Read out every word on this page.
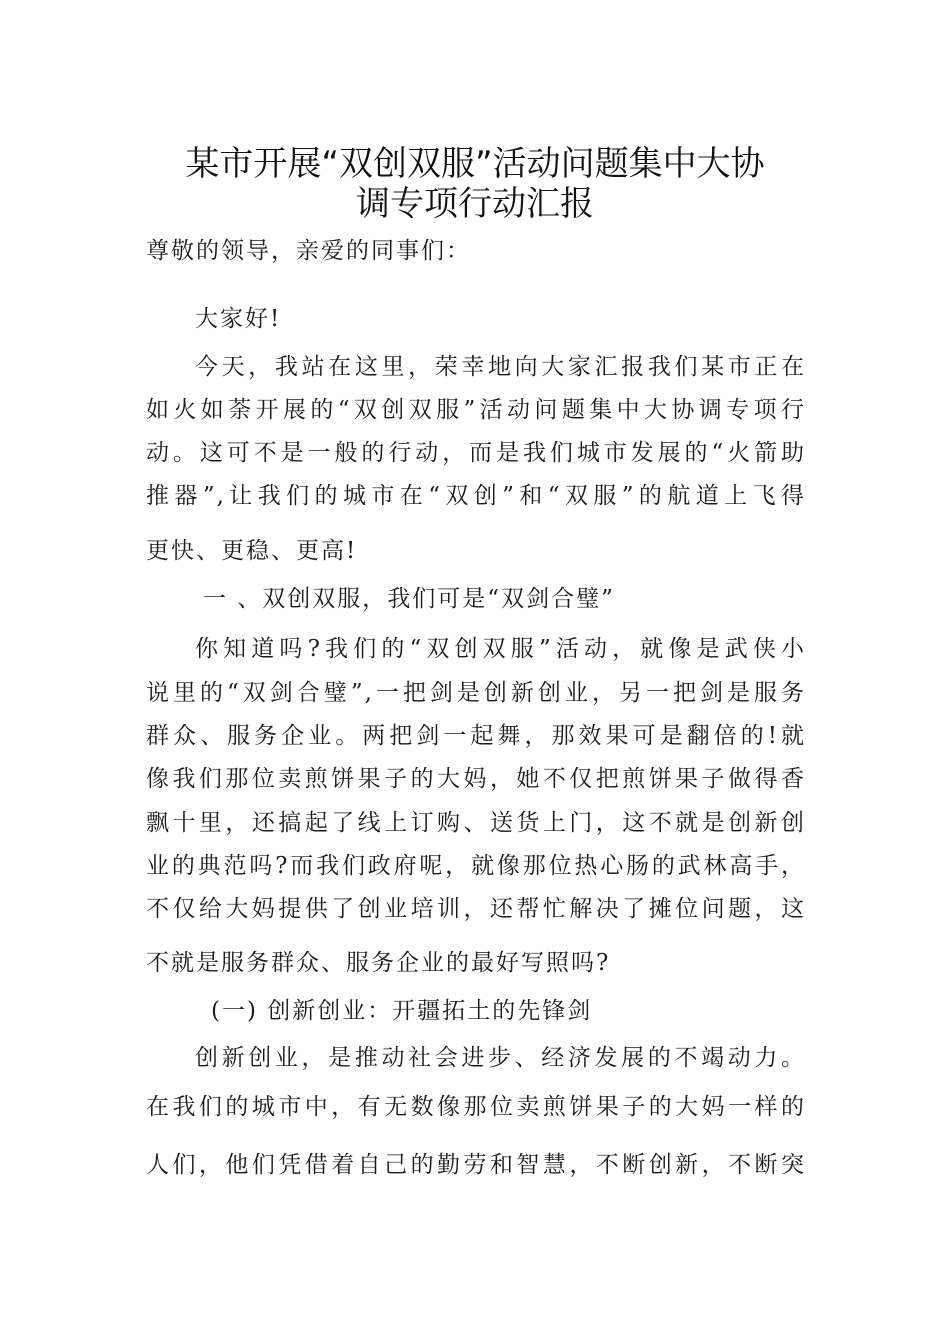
某市开展“双创双服”活动问题集中大协
调专项行动汇报
尊敬的领导，亲爱的同事们：
大家好!
今天，我站在这里，荣幸地向大家汇报我们某市正在
如火如荼开展的“双创双服”活动问题集中大协调专项行
动。这可不是一般的行动，而是我们城市发展的“火箭助
推器”,让我们的城市在“双创”和“双服”的航道上飞得
更快、更稳、更高!
一 、双创双服，我们可是“双剑合璧”
你知道吗?我们的“双创双服”活动，就像是武侠小
说里的“双剑合璧”,一把剑是创新创业，另一把剑是服务
群众、服务企业。两把剑一起舞，那效果可是翻倍的!就
像我们那位卖煎饼果子的大妈，她不仅把煎饼果子做得香
飘十里，还搞起了线上订购、送货上门，这不就是创新创
业的典范吗?而我们政府呢，就像那位热心肠的武林高手，
不仅给大妈提供了创业培训，还帮忙解决了摊位问题，这
不就是服务群众、服务企业的最好写照吗?
(一) 创新创业：开疆拓土的先锋剑
创新创业，是推动社会进步、经济发展的不竭动力。
在我们的城市中，有无数像那位卖煎饼果子的大妈一样的
人们，他们凭借着自己的勤劳和智慧，不断创新，不断突
